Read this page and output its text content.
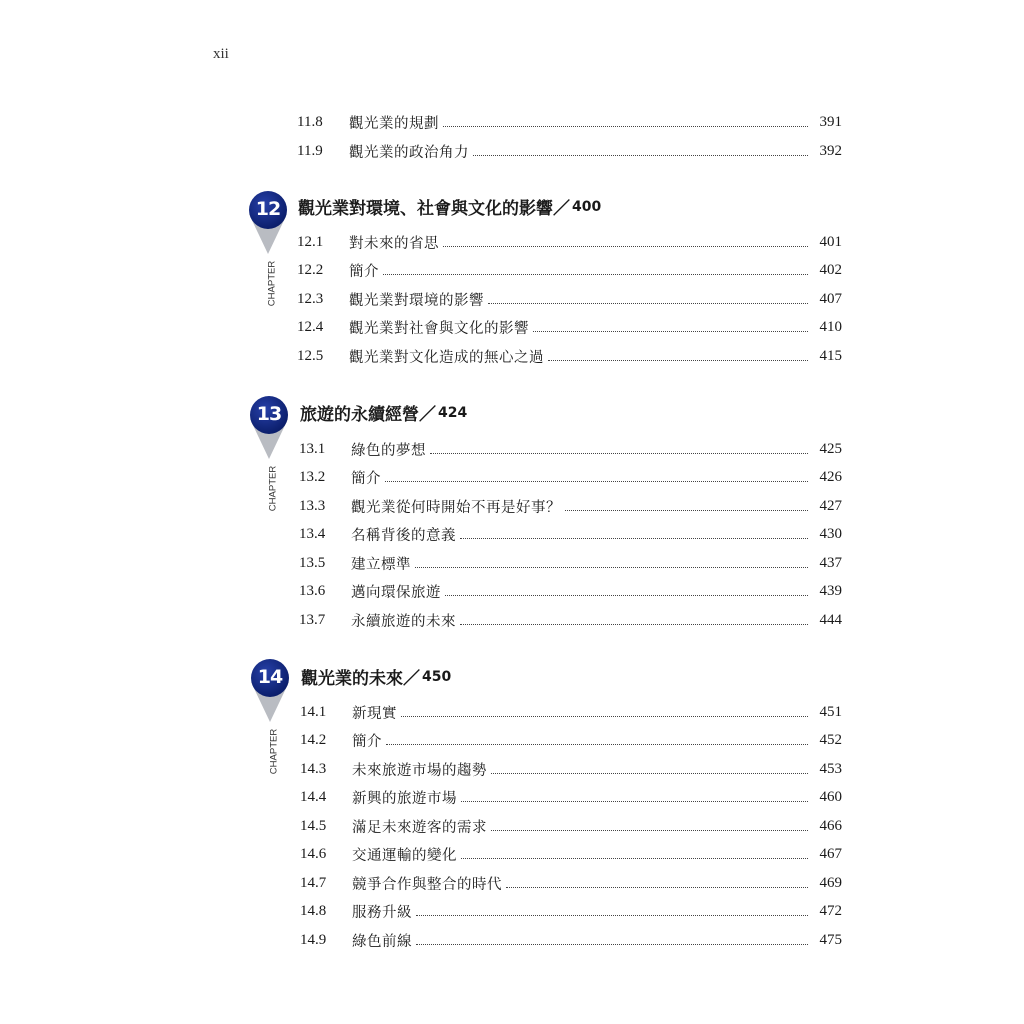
xii
11.8	觀光業的規劃	391
11.9	觀光業的政治角力	392
12
CHAPTER
觀光業對環境、社會與文化的影響／ 400
12.1	對未來的省思	401
12.2	簡介	402
12.3	觀光業對環境的影響	407
12.4	觀光業對社會與文化的影響	410
12.5	觀光業對文化造成的無心之過	415
13
CHAPTER
旅遊的永續經營／ 424
13.1	綠色的夢想	425
13.2	簡介	426
13.3	觀光業從何時開始不再是好事？	427
13.4	名稱背後的意義	430
13.5	建立標準	437
13.6	邁向環保旅遊	439
13.7	永續旅遊的未來	444
14
CHAPTER
觀光業的未來／ 450
14.1	新現實	451
14.2	簡介	452
14.3	未來旅遊市場的趨勢	453
14.4	新興的旅遊市場	460
14.5	滿足未來遊客的需求	466
14.6	交通運輸的變化	467
14.7	競爭合作與整合的時代	469
14.8	服務升級	472
14.9	綠色前線	475
